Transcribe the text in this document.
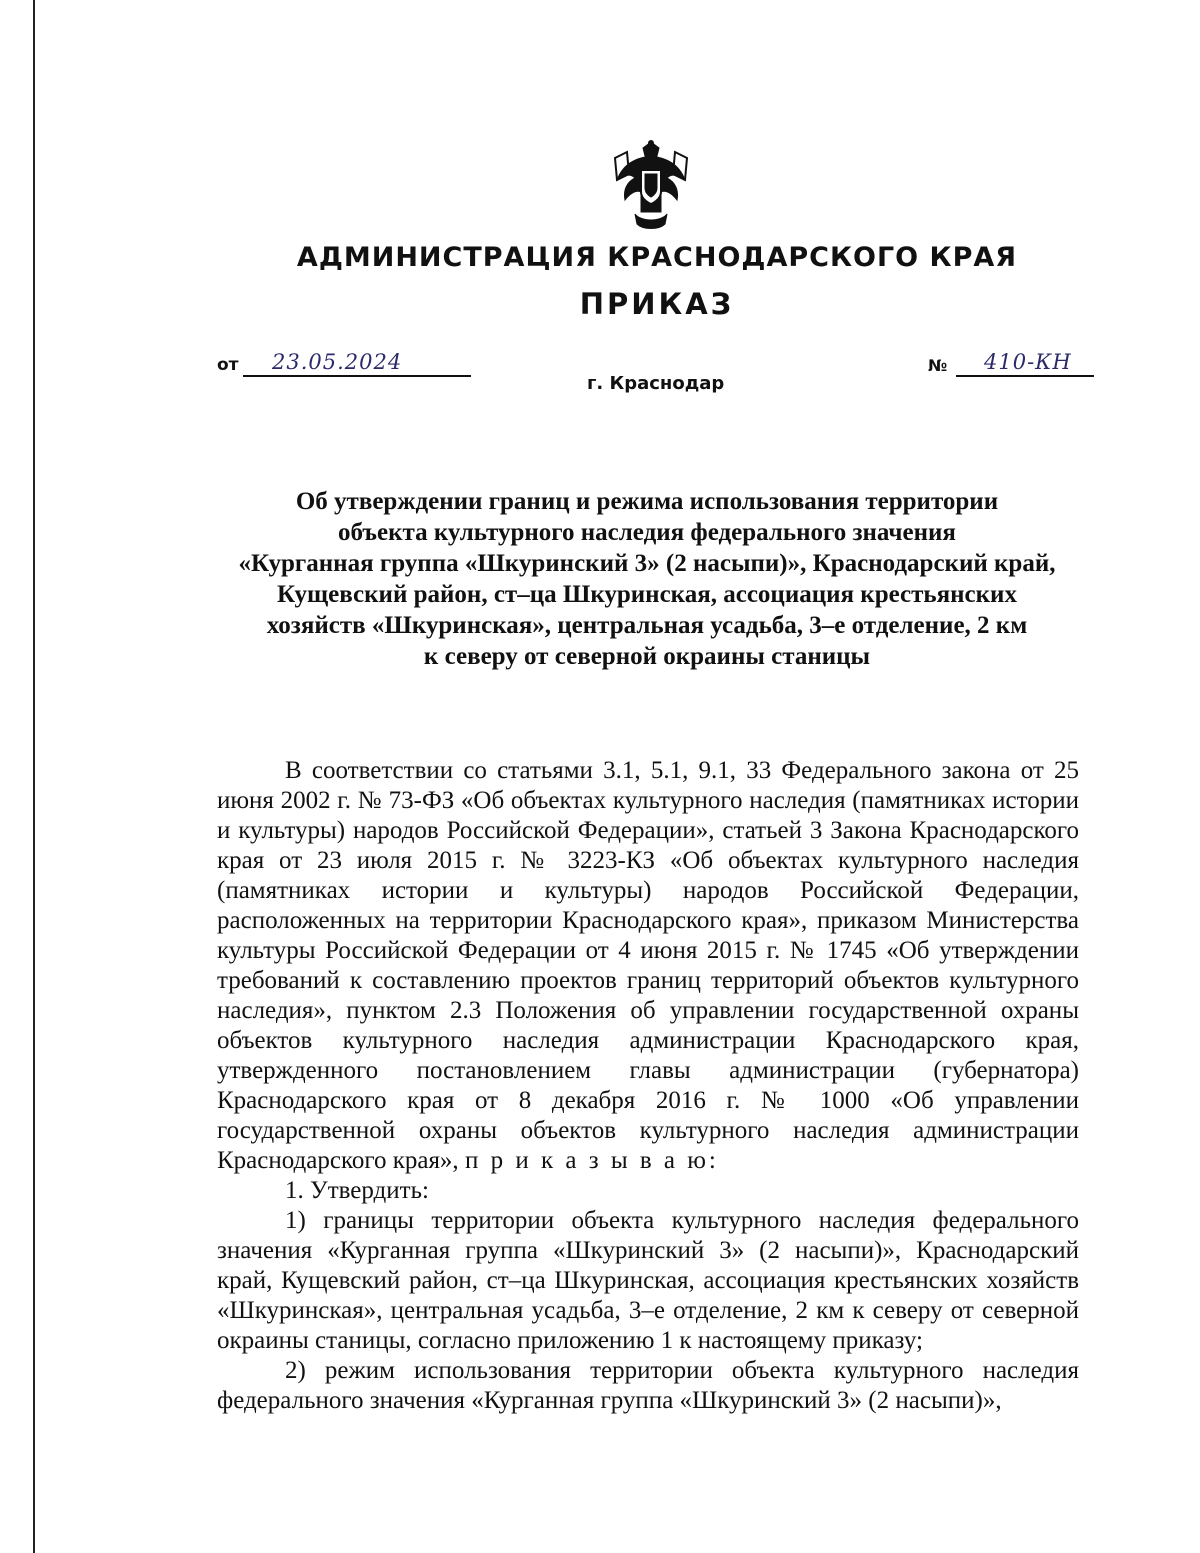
АДМИНИСТРАЦИЯ КРАСНОДАРСКОГО КРАЯ
ПРИКАЗ
от 23.05.2024
г. Краснодар
№ 410-КН
Об утверждении границ и режима использования территории
объекта культурного наследия федерального значения
«Курганная группа «Шкуринский 3» (2 насыпи)», Краснодарский край,
Кущевский район, ст–ца Шкуринская, ассоциация крестьянских
хозяйств «Шкуринская», центральная усадьба, 3–е отделение, 2 км
к северу от северной окраины станицы
В соответствии со статьями 3.1, 5.1, 9.1, 33 Федерального закона от 25 июня 2002 г. № 73-ФЗ «Об объектах культурного наследия (памятниках истории и культуры) народов Российской Федерации», статьей 3 Закона Краснодарского края от 23 июля 2015 г. № 3223-КЗ «Об объектах культурного наследия (памятниках истории и культуры) народов Российской Федерации, расположенных на территории Краснодарского края», приказом Министерства культуры Российской Федерации от 4 июня 2015 г. № 1745 «Об утверждении требований к составлению проектов границ территорий объектов культурного наследия», пунктом 2.3 Положения об управлении государственной охраны объектов культурного наследия администрации Краснодарского края, утвержденного постановлением главы администрации (губернатора) Краснодарского края от 8 декабря 2016 г. № 1000 «Об управлении государственной охраны объектов культурного наследия администрации Краснодарского края», п р и к а з ы в а ю:
1. Утвердить:
1) границы территории объекта культурного наследия федерального значения «Курганная группа «Шкуринский 3» (2 насыпи)», Краснодарский край, Кущевский район, ст–ца Шкуринская, ассоциация крестьянских хозяйств «Шкуринская», центральная усадьба, 3–е отделение, 2 км к северу от северной окраины станицы, согласно приложению 1 к настоящему приказу;
2) режим использования территории объекта культурного наследия федерального значения «Курганная группа «Шкуринский 3» (2 насыпи)»,
